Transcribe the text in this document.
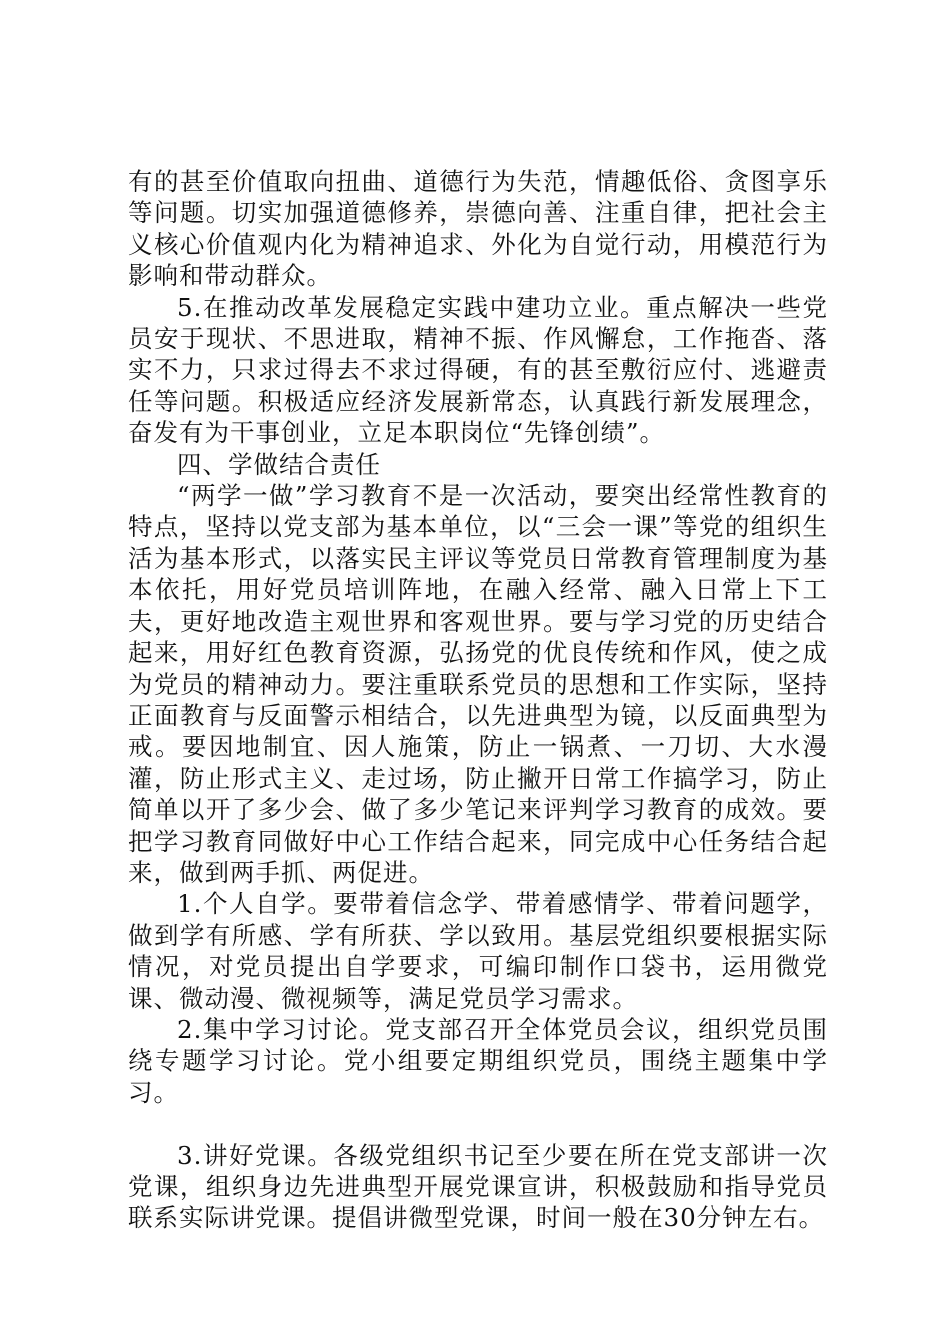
有的甚至价值取向扭曲、道德行为失范，情趣低俗、贪图享乐等问题。切实加强道德修养，崇德向善、注重自律，把社会主义核心价值观内化为精神追求、外化为自觉行动，用模范行为影响和带动群众。

5.在推动改革发展稳定实践中建功立业。重点解决一些党员安于现状、不思进取，精神不振、作风懈怠，工作拖沓、落实不力，只求过得去不求过得硬，有的甚至敷衍应付、逃避责任等问题。积极适应经济发展新常态，认真践行新发展理念，奋发有为干事创业，立足本职岗位“先锋创绩”。

四、学做结合责任

“两学一做”学习教育不是一次活动，要突出经常性教育的特点，坚持以党支部为基本单位，以“三会一课”等党的组织生活为基本形式，以落实民主评议等党员日常教育管理制度为基本依托，用好党员培训阵地，在融入经常、融入日常上下工夫，更好地改造主观世界和客观世界。要与学习党的历史结合起来，用好红色教育资源，弘扬党的优良传统和作风，使之成为党员的精神动力。要注重联系党员的思想和工作实际，坚持正面教育与反面警示相结合，以先进典型为镜，以反面典型为戒。要因地制宜、因人施策，防止一锅煮、一刀切、大水漫灌，防止形式主义、走过场，防止撇开日常工作搞学习，防止简单以开了多少会、做了多少笔记来评判学习教育的成效。要把学习教育同做好中心工作结合起来，同完成中心任务结合起来，做到两手抓、两促进。

1.个人自学。要带着信念学、带着感情学、带着问题学，做到学有所感、学有所获、学以致用。基层党组织要根据实际情况，对党员提出自学要求，可编印制作口袋书，运用微党课、微动漫、微视频等，满足党员学习需求。

2.集中学习讨论。党支部召开全体党员会议，组织党员围绕专题学习讨论。党小组要定期组织党员，围绕主题集中学习。

3.讲好党课。各级党组织书记至少要在所在党支部讲一次党课，组织身边先进典型开展党课宣讲，积极鼓励和指导党员联系实际讲党课。提倡讲微型党课，时间一般在30分钟左右。
